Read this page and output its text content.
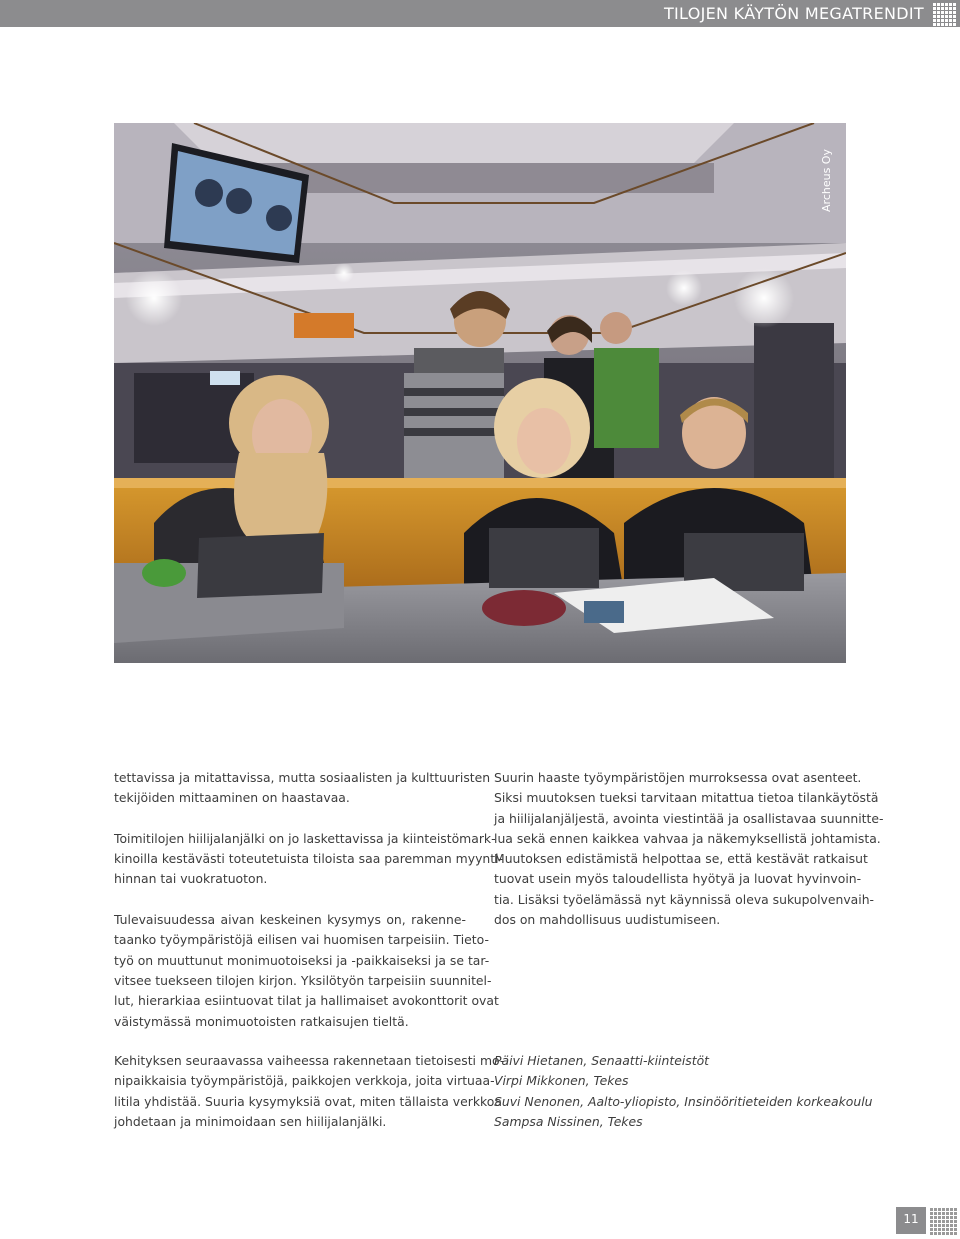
TILOJEN KÄYTÖN MEGATRENDIT
Archeus Oy

tettavissa ja mitattavissa, mutta sosiaalisten ja kulttuuristen
tekijöiden mittaaminen on haastavaa.

Toimitilojen hiilijalanjälki on jo laskettavissa ja kiinteistömark-
kinoilla kestävästi toteutetuista tiloista saa paremman myynti-
hinnan tai vuokratuoton.

Tulevaisuudessa aivan keskeinen kysymys on, rakenne-
taanko työympäristöjä eilisen vai huomisen tarpeisiin. Tieto-
työ on muuttunut monimuotoiseksi ja -paikkaiseksi ja se tar-
vitsee tuekseen tilojen kirjon. Yksilötyön tarpeisiin suunnitel-
lut, hierarkiaa esiintuovat tilat ja hallimaiset avokonttorit ovat
väistymässä monimuotoisten ratkaisujen tieltä.

Kehityksen seuraavassa vaiheessa rakennetaan tietoisesti mo-
nipaikkaisia työympäristöjä, paikkojen verkkoja, joita virtuaa-
litila yhdistää. Suuria kysymyksiä ovat, miten tällaista verkkoa
johdetaan ja minimoidaan sen hiilijalanjälki.

Suurin haaste työympäristöjen murroksessa ovat asenteet.
Siksi muutoksen tueksi tarvitaan mitattua tietoa tilankäytöstä
ja hiilijalanjäljestä, avointa viestintää ja osallistavaa suunnitte-
lua sekä ennen kaikkea vahvaa ja näkemyksellistä johtamista.
Muutoksen edistämistä helpottaa se, että kestävät ratkaisut
tuovat usein myös taloudellista hyötyä ja luovat hyvinvoin-
tia. Lisäksi työelämässä nyt käynnissä oleva sukupolvenvaih-
dos on mahdollisuus uudistumiseen.

Päivi Hietanen, Senaatti-kiinteistöt
Virpi Mikkonen, Tekes
Suvi Nenonen, Aalto-yliopisto, Insinööritieteiden korkeakoulu
Sampsa Nissinen, Tekes
11
